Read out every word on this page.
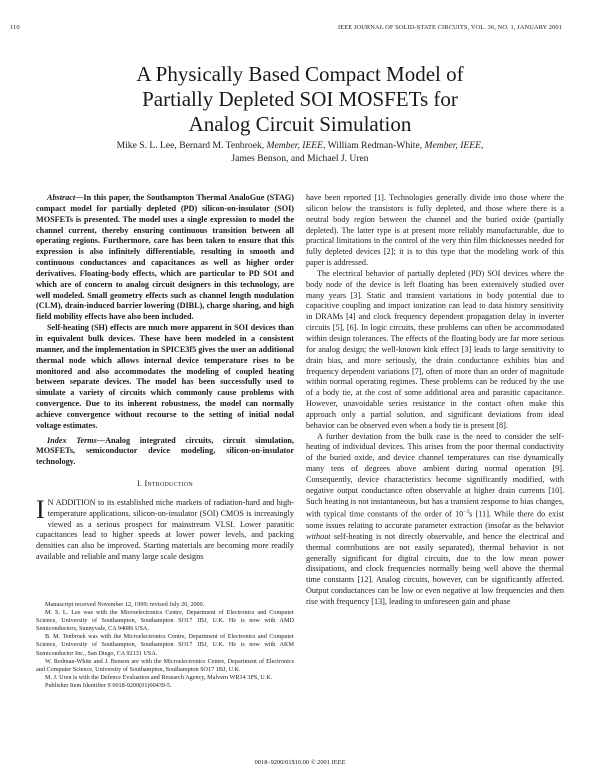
110	IEEE JOURNAL OF SOLID-STATE CIRCUITS, VOL. 36, NO. 1, JANUARY 2001
A Physically Based Compact Model of
Partially Depleted SOI MOSFETs for
Analog Circuit Simulation
Mike S. L. Lee, Bernard M. Tenbroek, Member, IEEE, William Redman-White, Member, IEEE,
James Benson, and Michael J. Uren

Abstract—In this paper, the Southampton Thermal AnaloGue (STAG) compact model for partially depleted (PD) silicon-on-insulator (SOI) MOSFETs is presented. The model uses a single expression to model the channel current, thereby ensuring continuous transition between all operating regions. Furthermore, care has been taken to ensure that this expression is also infinitely differentiable, resulting in smooth and continuous conductances and capacitances as well as higher order derivatives. Floating-body effects, which are particular to PD SOI and which are of concern to analog circuit designers in this technology, are well modeled. Small geometry effects such as channel length modulation (CLM), drain-induced barrier lowering (DIBL), charge sharing, and high field mobility effects have also been included.

Self-heating (SH) effects are much more apparent in SOI devices than in equivalent bulk devices. These have been modeled in a consistent manner, and the implementation in SPICE3f5 gives the user an additional thermal node which allows internal device temperature rises to be monitored and also accommodates the modeling of coupled heating between separate devices. The model has been successfully used to simulate a variety of circuits which commonly cause problems with convergence. Due to its inherent robustness, the model can normally achieve convergence without recourse to the setting of initial nodal voltage estimates.

Index Terms—Analog integrated circuits, circuit simulation, MOSFETs, semiconductor device modeling, silicon-on-insulator technology.

I. Introduction

I N ADDITION to its established niche markets of radiation-hard and high-temperature applications, silicon-on-insulator (SOI) CMOS is increasingly viewed as a serious prospect for mainstream VLSI. Lower parasitic capacitances lead to higher speeds at lower power levels, and packing densities can also be improved. Starting materials are becoming more readily available and reliable and many large scale designs

Manuscript received November 12, 1999; revised July 20, 2000.

M. S. L. Lee was with the Microelectronics Centre, Department of Electronics and Computer Science, University of Southampton, Southampton SO17 1BJ, U.K. He is now with AMD Semiconductors, Sunnyvale, CA 94086 USA.

B. M. Tenbroek was with the Microelectronics Centre, Department of Electronics and Computer Science, University of Southampton, Southampton SO17 1BJ, U.K. He is now with AKM Semiconductor Inc., San Diego, CA 92131 USA.

W. Redman-White and J. Benson are with the Microelectronics Centre, Department of Electronics and Computer Science, University of Southampton, Southampton SO17 1BJ, U.K.

M. J. Uren is with the Defence Evaluation and Research Agency, Malvern WR14 3PS, U.K.

Publisher Item Identifier S 0018-9200(01)00439-5.

have been reported [1]. Technologies generally divide into those where the silicon below the transistors is fully depleted, and those where there is a neutral body region between the channel and the buried oxide (partially depleted). The latter type is at present more reliably manufacturable, due to practical limitations in the control of the very thin film thicknesses needed for fully depleted devices [2]; it is to this type that the modeling work of this paper is addressed.

The electrical behavior of partially depleted (PD) SOI devices where the body node of the device is left floating has been extensively studied over many years [3]. Static and transient variations in body potential due to capacitive coupling and impact ionization can lead to data history sensitivity in DRAMs [4] and clock frequency dependent propagation delay in inverter circuits [5], [6]. In logic circuits, these problems can often be accommodated within design tolerances. The effects of the floating body are far more serious for analog design; the well-known kink effect [3] leads to large sensitivity to drain bias, and more seriously, the drain conductance exhibits bias and frequency dependent variations [7], often of more than an order of magnitude within normal operating regimes. These problems can be reduced by the use of a body tie, at the cost of some additional area and parasitic capacitance. However, unavoidable series resistance in the contact often make this approach only a partial solution, and significant deviations from ideal behavior can be observed even when a body tie is present [8].

A further deviation from the bulk case is the need to consider the self-heating of individual devices. This arises from the poor thermal conductivity of the buried oxide, and device channel temperatures can rise dynamically many tens of degrees above ambient during normal operation [9]. Consequently, device characteristics become significantly modified, with negative output conductance often observable at higher drain currents [10]. Such heating is not instantaneous, but has a transient response to bias changes, with typical time constants of the order of $10^{-3}s$ [11]. While there do exist some issues relating to accurate parameter extraction (insofar as the behavior without self-heating is not directly observable, and hence the electrical and thermal contributions are not easily separated), thermal behavior is not generally significant for digital circuits, due to the low mean power dissipations, and clock frequencies normally being well above the thermal time constants [12]. Analog circuits, however, can be significantly affected. Output conductances can be low or even negative at low frequencies and then rise with frequency [13], leading to unforeseen gain and phase

0018–9200/01$10.00 © 2001 IEEE
